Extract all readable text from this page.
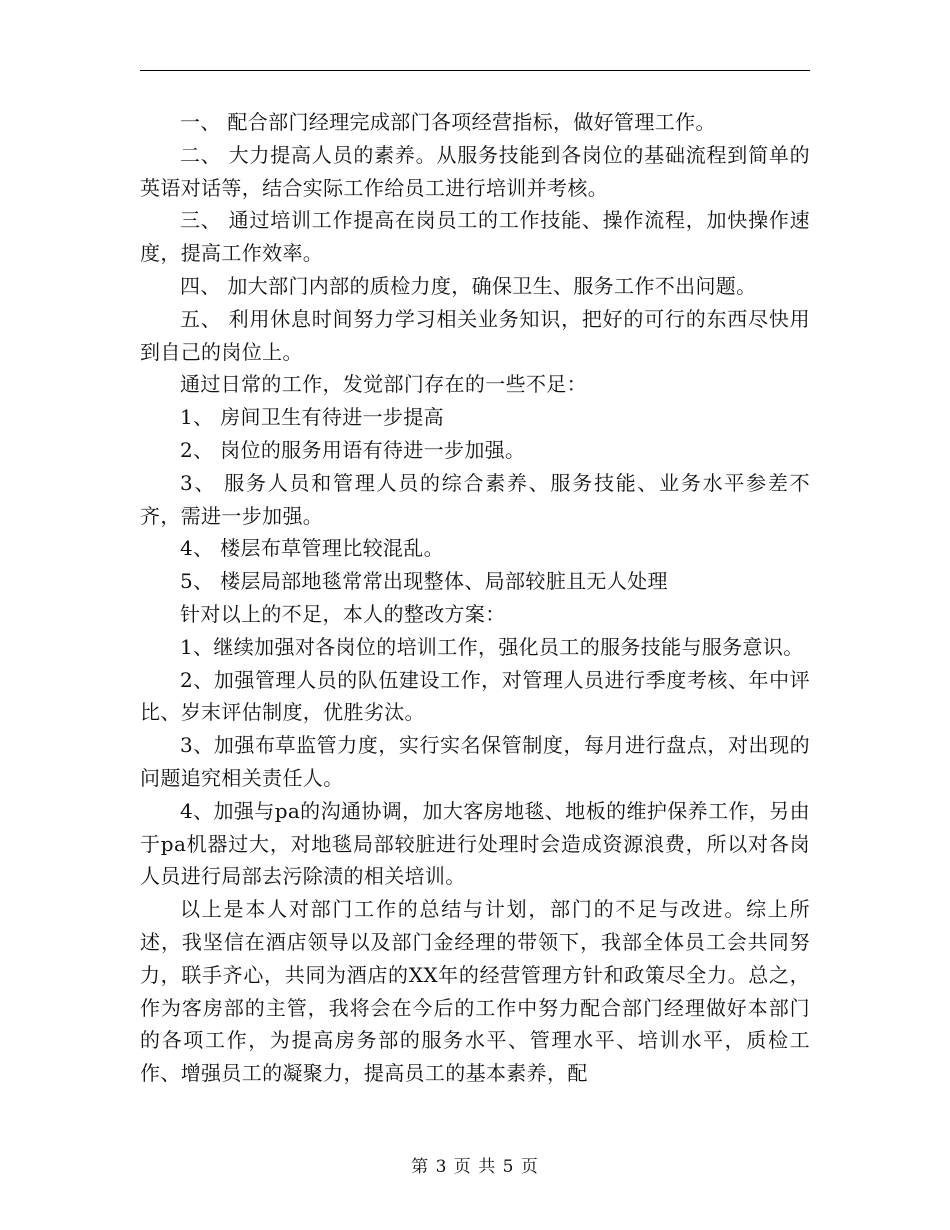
一、 配合部门经理完成部门各项经营指标，做好管理工作。

二、 大力提高人员的素养。从服务技能到各岗位的基础流程到简单的英语对话等，结合实际工作给员工进行培训并考核。

三、 通过培训工作提高在岗员工的工作技能、操作流程，加快操作速度，提高工作效率。

四、 加大部门内部的质检力度，确保卫生、服务工作不出问题。

五、 利用休息时间努力学习相关业务知识，把好的可行的东西尽快用到自己的岗位上。

通过日常的工作，发觉部门存在的一些不足：

1、 房间卫生有待进一步提高

2、 岗位的服务用语有待进一步加强。

3、 服务人员和管理人员的综合素养、服务技能、业务水平参差不齐，需进一步加强。

4、 楼层布草管理比较混乱。

5、 楼层局部地毯常常出现整体、局部较脏且无人处理

针对以上的不足，本人的整改方案：

1、继续加强对各岗位的培训工作，强化员工的服务技能与服务意识。

2、加强管理人员的队伍建设工作，对管理人员进行季度考核、年中评比、岁末评估制度，优胜劣汰。

3、加强布草监管力度，实行实名保管制度，每月进行盘点，对出现的问题追究相关责任人。

4、加强与pa的沟通协调，加大客房地毯、地板的维护保养工作，另由于pa机器过大，对地毯局部较脏进行处理时会造成资源浪费，所以对各岗人员进行局部去污除渍的相关培训。

以上是本人对部门工作的总结与计划，部门的不足与改进。综上所述，我坚信在酒店领导以及部门金经理的带领下，我部全体员工会共同努力，联手齐心，共同为酒店的XX年的经营管理方针和政策尽全力。总之，作为客房部的主管，我将会在今后的工作中努力配合部门经理做好本部门的各项工作，为提高房务部的服务水平、管理水平、培训水平，质检工作、增强员工的凝聚力，提高员工的基本素养，配

第 3 页 共 5 页
